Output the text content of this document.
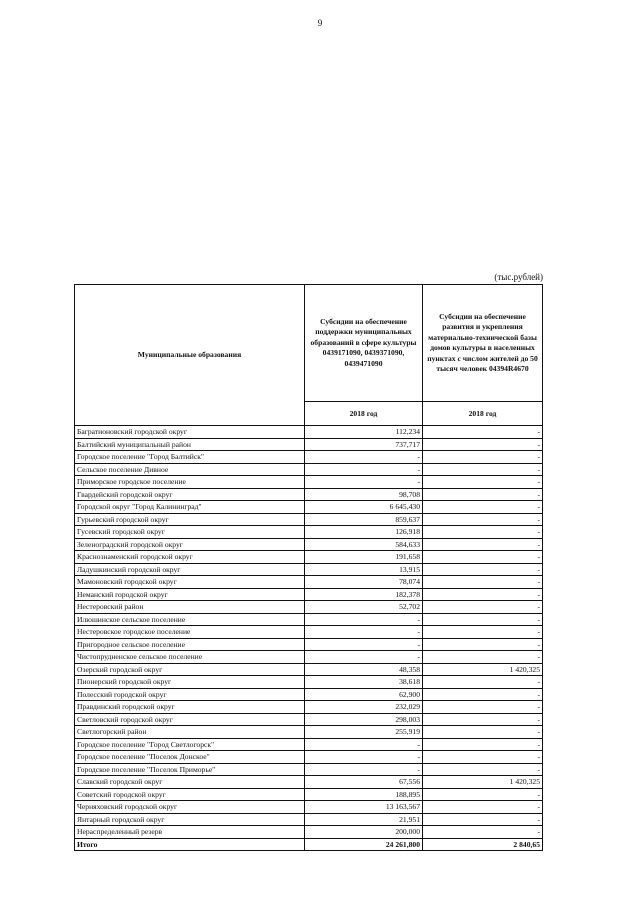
9
(тыс.рублей)
Муниципальные образования	Субсидии на обеспечение поддержки муниципальных образований в сфере культуры 0439171090, 0439371090, 0439471090	Субсидии на обеспечение развития и укрепления материально-технической базы домов культуры в населенных пунктах с числом жителей до 50 тысяч человек 04394R4670
	2018 год	2018 год
Багратионовский городской округ	112,234	-
Балтийский муниципальный район	737,717	-
Городское поселение "Город Балтийск"	-	-
Сельское поселение Дивное	-	-
Приморское городское поселение	-	-
Гвардейский городской округ	98,708	-
Городской округ "Город Калининград"	6 645,430	-
Гурьевский городской округ	859,637	-
Гусевский городской округ	126,918	-
Зеленоградский городской округ	584,633	-
Краснознаменский городской округ	191,658	-
Ладушкинский городской округ	13,915	-
Мамоновский городской округ	78,074	-
Неманский городской округ	182,378	-
Нестеровский район	52,702	-
Илюшинское сельское поселение	-	-
Нестеровское городское поселение	-	-
Пригородное сельское поселение	-	-
Чистопрудненское сельское поселение	-	-
Озерский городской округ	48,358	1 420,325
Пионерский городской округ	38,618	-
Полесский городской округ	62,900	-
Правдинский городской округ	232,029	-
Светловский городской округ	298,003	-
Светлогорский район	255,919	-
Городское поселение "Город Светлогорск"	-	-
Городское поселение "Поселок Донское"	-	-
Городское поселение "Поселок Приморье"	-	-
Славский городской округ	67,556	1 420,325
Советский городской округ	188,895	-
Черняховский городской округ	13 163,567	-
Янтарный городской округ	21,951	-
Нераспределенный резерв	200,000	-
Итого	24 261,800	2 840,65
